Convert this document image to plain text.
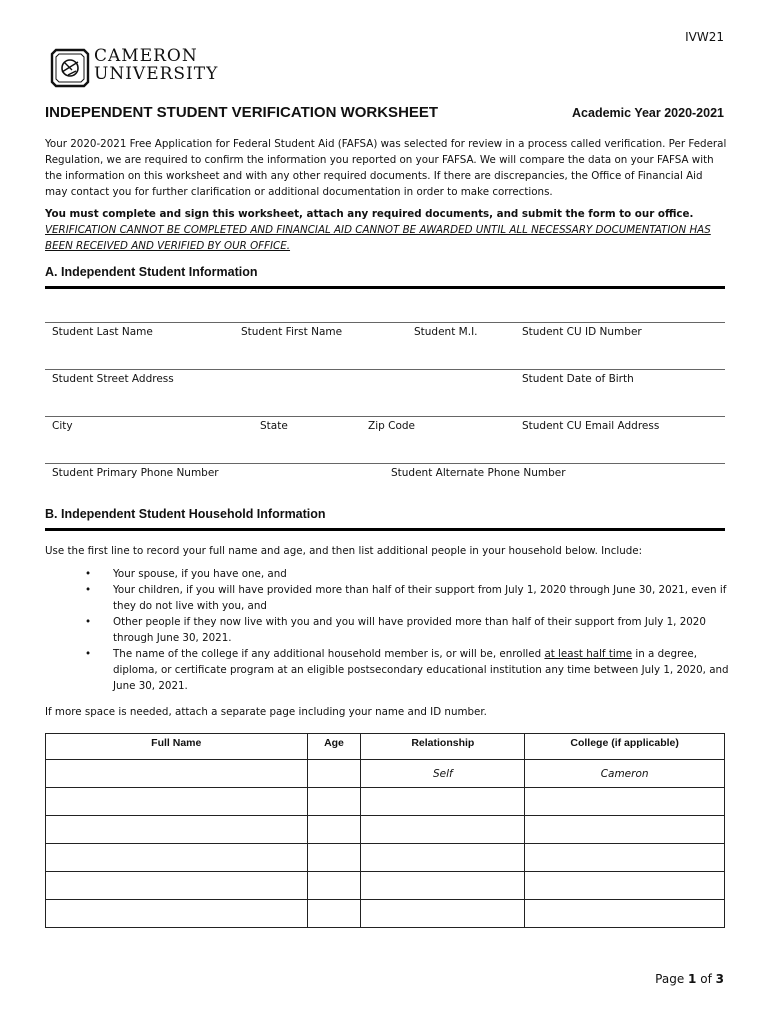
IVW21
CAMERON
UNIVERSITY
INDEPENDENT STUDENT VERIFICATION WORKSHEET	Academic Year 2020-2021
Your 2020-2021 Free Application for Federal Student Aid (FAFSA) was selected for review in a process called verification. Per Federal Regulation, we are required to confirm the information you reported on your FAFSA. We will compare the data on your FAFSA with the information on this worksheet and with any other required documents. If there are discrepancies, the Office of Financial Aid may contact you for further clarification or additional documentation in order to make corrections.
You must complete and sign this worksheet, attach any required documents, and submit the form to our office. VERIFICATION CANNOT BE COMPLETED AND FINANCIAL AID CANNOT BE AWARDED UNTIL ALL NECESSARY DOCUMENTATION HAS BEEN RECEIVED AND VERIFIED BY OUR OFFICE.
A. Independent Student Information
Student Last Name	Student First Name	Student M.I.	Student CU ID Number
Student Street Address	Student Date of Birth
City	State	Zip Code	Student CU Email Address
Student Primary Phone Number	Student Alternate Phone Number
B. Independent Student Household Information
Use the first line to record your full name and age, and then list additional people in your household below. Include:
• Your spouse, if you have one, and
• Your children, if you will have provided more than half of their support from July 1, 2020 through June 30, 2021, even if they do not live with you, and
• Other people if they now live with you and you will have provided more than half of their support from July 1, 2020 through June 30, 2021.
• The name of the college if any additional household member is, or will be, enrolled at least half time in a degree, diploma, or certificate program at an eligible postsecondary educational institution any time between July 1, 2020, and June 30, 2021.
If more space is needed, attach a separate page including your name and ID number.
Full Name	Age	Relationship	College (if applicable)
		Self	Cameron

Page 1 of 3
